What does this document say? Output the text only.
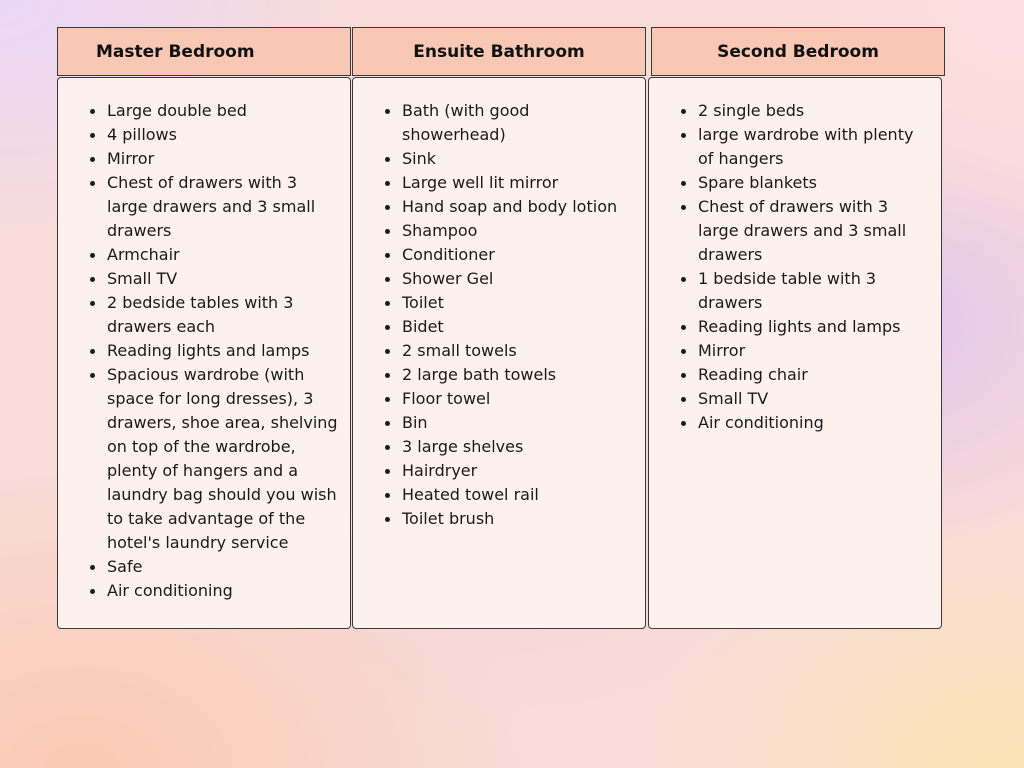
Master Bedroom	Ensuite Bathroom	Second Bedroom
Large double bed
4 pillows
Mirror
Chest of drawers with 3 large drawers and 3 small drawers
Armchair
Small TV
2 bedside tables with 3 drawers each
Reading lights and lamps
Spacious wardrobe (with space for long dresses), 3 drawers, shoe area, shelving on top of the wardrobe, plenty of hangers and a laundry bag should you wish to take advantage of the hotel's laundry service
Safe
Air conditioning
Bath (with good showerhead)
Sink
Large well lit mirror
Hand soap and body lotion
Shampoo
Conditioner
Shower Gel
Toilet
Bidet
2 small towels
2 large bath towels
Floor towel
Bin
3 large shelves
Hairdryer
Heated towel rail
Toilet brush
2 single beds
large wardrobe with plenty of hangers
Spare blankets
Chest of drawers with 3 large drawers and 3 small drawers
1 bedside table with 3 drawers
Reading lights and lamps
Mirror
Reading chair
Small TV
Air conditioning
